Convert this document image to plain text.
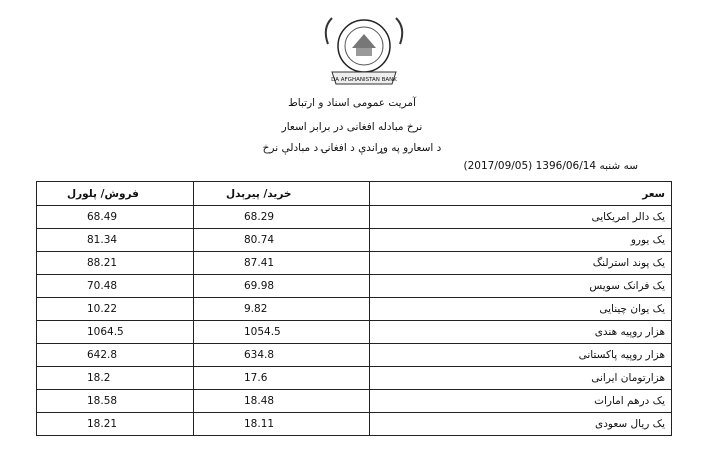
DA AFGHANISTAN BANK
آمریت عمومی اسناد و ارتباط
نرخ مبادله افغانی در برابر اسعار
د اسعارو په وړاندې د افغانۍ د مبادلې نرخ
سه شنبه 1396/06/14 (2017/09/05)
فروش/ پلورل	خرید/ پیرېدل	سعر
68.49	68.29	یک دالر امریکایی
81.34	80.74	یک یورو
88.21	87.41	یک پوند استرلنگ
70.48	69.98	یک فرانک سویس
10.22	9.82	یک یوان چینایی
1064.5	1054.5	هزار روپیه هندی
642.8	634.8	هزار روپیه پاکستانی
18.2	17.6	هزارتومان ایرانی
18.58	18.48	یک درهم امارات
18.21	18.11	یک ریال سعودی
